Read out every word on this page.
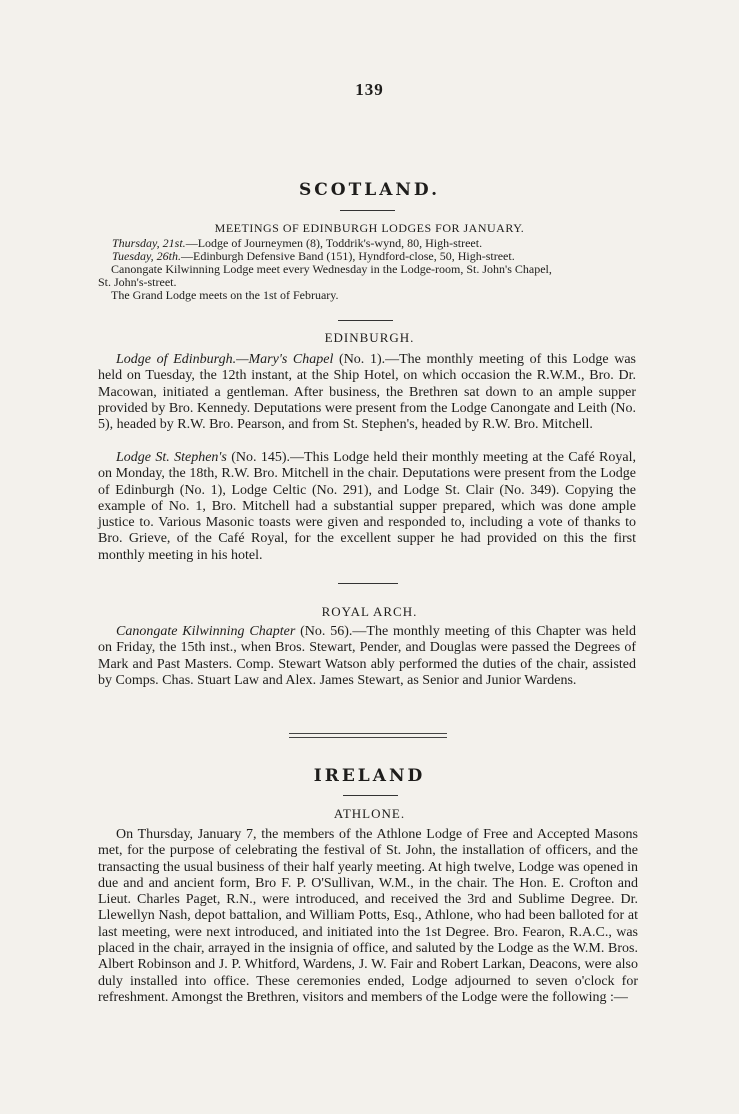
139
SCOTLAND.
MEETINGS OF EDINBURGH LODGES FOR JANUARY.
Thursday, 21st.—Lodge of Journeymen (8), Toddrik's-wynd, 80, High-street.
Tuesday, 26th.—Edinburgh Defensive Band (151), Hyndford-close, 50, High-street.
Canongate Kilwinning Lodge meet every Wednesday in the Lodge-room, St. John's Chapel,
St. John's-street.
The Grand Lodge meets on the 1st of February.
EDINBURGH.
Lodge of Edinburgh.—Mary's Chapel (No. 1).—The monthly meeting of this Lodge was held on Tuesday, the 12th instant, at the Ship Hotel, on which occasion the R.W.M., Bro. Dr. Macowan, initiated a gentleman. After business, the Brethren sat down to an ample supper provided by Bro. Kennedy. Deputations were present from the Lodge Canongate and Leith (No. 5), headed by R.W. Bro. Pearson, and from St. Stephen's, headed by R.W. Bro. Mitchell.
Lodge St. Stephen's (No. 145).—This Lodge held their monthly meeting at the Café Royal, on Monday, the 18th, R.W. Bro. Mitchell in the chair. Deputations were present from the Lodge of Edinburgh (No. 1), Lodge Celtic (No. 291), and Lodge St. Clair (No. 349). Copying the example of No. 1, Bro. Mitchell had a substantial supper prepared, which was done ample justice to. Various Masonic toasts were given and responded to, including a vote of thanks to Bro. Grieve, of the Café Royal, for the excellent supper he had provided on this the first monthly meeting in his hotel.
ROYAL ARCH.
Canongate Kilwinning Chapter (No. 56).—The monthly meeting of this Chapter was held on Friday, the 15th inst., when Bros. Stewart, Pender, and Douglas were passed the Degrees of Mark and Past Masters. Comp. Stewart Watson ably performed the duties of the chair, assisted by Comps. Chas. Stuart Law and Alex. James Stewart, as Senior and Junior Wardens.
IRELAND
ATHLONE.
On Thursday, January 7, the members of the Athlone Lodge of Free and Accepted Masons met, for the purpose of celebrating the festival of St. John, the installation of officers, and the transacting the usual business of their half yearly meeting. At high twelve, Lodge was opened in due and and ancient form, Bro F. P. O'Sullivan, W.M., in the chair. The Hon. E. Crofton and Lieut. Charles Paget, R.N., were introduced, and received the 3rd and Sublime Degree. Dr. Llewellyn Nash, depot battalion, and William Potts, Esq., Athlone, who had been balloted for at last meeting, were next introduced, and initiated into the 1st Degree. Bro. Fearon, R.A.C., was placed in the chair, arrayed in the insignia of office, and saluted by the Lodge as the W.M. Bros. Albert Robinson and J. P. Whitford, Wardens, J. W. Fair and Robert Larkan, Deacons, were also duly installed into office. These ceremonies ended, Lodge adjourned to seven o'clock for refreshment. Amongst the Brethren, visitors and members of the Lodge were the following :—
